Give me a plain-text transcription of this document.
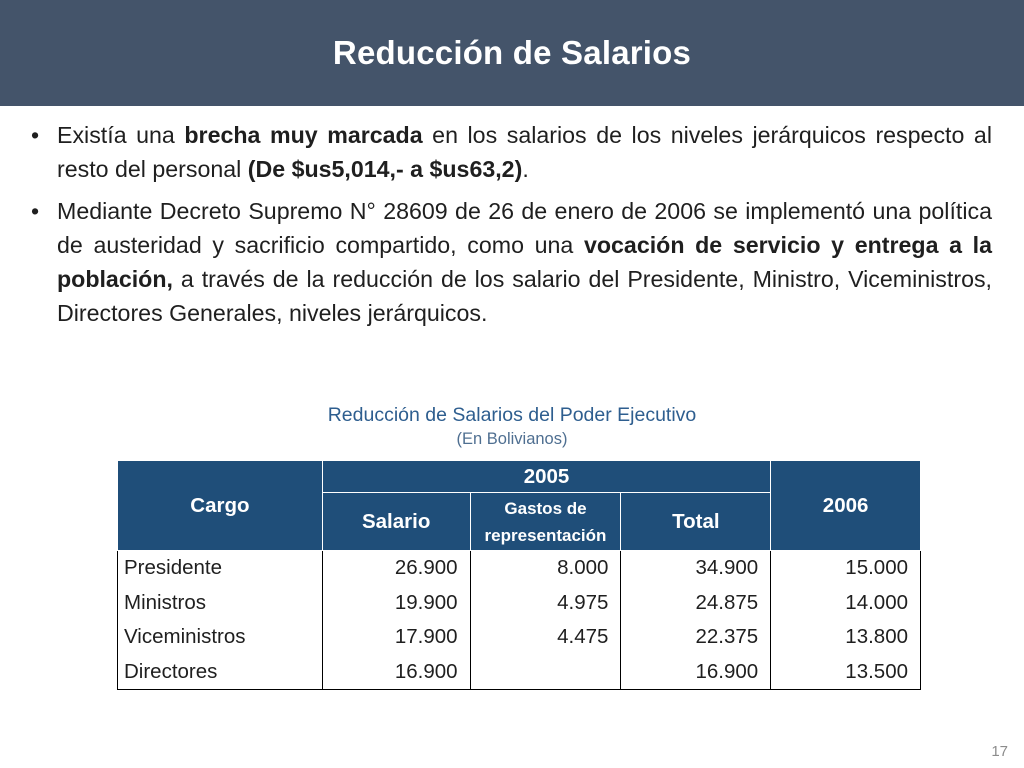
Reducción de Salarios
• Existía una brecha muy marcada en los salarios de los niveles jerárquicos respecto al resto del personal (De $us5,014,- a $us63,2).
• Mediante Decreto Supremo N° 28609 de 26 de enero de 2006 se implementó una política de austeridad y sacrificio compartido, como una vocación de servicio y entrega a la población, a través de la reducción de los salario del Presidente, Ministro, Viceministros, Directores Generales, niveles jerárquicos.
Reducción de Salarios del Poder Ejecutivo
(En Bolivianos)
Cargo	2005			2006
	Salario	Gastos de representación	Total	
Presidente	26.900	8.000	34.900	15.000
Ministros	19.900	4.975	24.875	14.000
Viceministros	17.900	4.475	22.375	13.800
Directores	16.900		16.900	13.500
17
